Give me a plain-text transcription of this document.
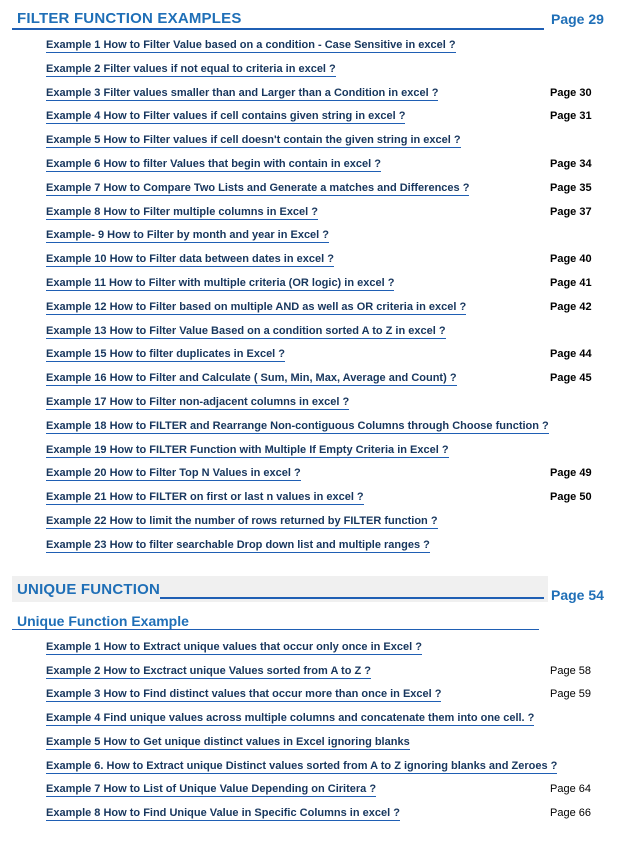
FILTER FUNCTION EXAMPLES	Page 29
Example 1 How to Filter Value based on a condition - Case Sensitive in excel ?
Example 2 Filter values if not equal to criteria in excel ?
Example 3 Filter values smaller than and Larger than a Condition in excel ?	Page 30
Example 4 How to Filter values if cell contains given string in excel ?	Page 31
Example 5 How to Filter values if cell doesn't contain the given string in excel ?
Example 6 How to filter Values that begin with contain in excel ?	Page 34
Example 7 How to Compare Two Lists and Generate a matches and Differences ?	Page 35
Example 8 How to Filter multiple columns in Excel ?	Page 37
Example- 9 How to Filter by month and year in Excel ?
Example 10 How to Filter data between dates in excel ?	Page 40
Example 11 How to Filter with multiple criteria (OR logic) in excel ?	Page 41
Example 12 How to Filter based on multiple AND as well as OR criteria in excel ?	Page 42
Example 13 How to Filter Value Based on a condition sorted A to Z in excel ?
Example 15 How to filter duplicates in Excel ?	Page 44
Example 16 How to Filter and Calculate ( Sum, Min, Max, Average and Count) ?	Page 45
Example 17 How to Filter non-adjacent columns in excel ?
Example 18 How to FILTER and Rearrange Non-contiguous Columns through Choose function ?
Example 19 How to FILTER Function with Multiple If Empty Criteria in Excel ?
Example 20 How to Filter Top N Values in excel ?	Page 49
Example 21 How to FILTER on first or last n values in excel ?	Page 50
Example 22 How to limit the number of rows returned by FILTER function ?
Example 23 How to filter searchable Drop down list and multiple ranges ?
UNIQUE FUNCTION	Page 54
Unique Function Example
Example 1 How to Extract unique values that occur only once in Excel ?
Example 2 How to Exctract unique Values sorted from A to Z ?	Page 58
Example 3 How to Find distinct values that occur more than once in Excel ?	Page 59
Example 4 Find unique values across multiple columns and concatenate them into one cell. ?
Example 5 How to Get unique distinct values in Excel ignoring blanks
Example 6. How to Extract unique Distinct values sorted from A to Z ignoring blanks and Zeroes ?
Example 7 How to List of Unique Value Depending on Ciritera ?	Page 64
Example 8 How to Find Unique Value in Specific Columns in excel ?	Page 66
